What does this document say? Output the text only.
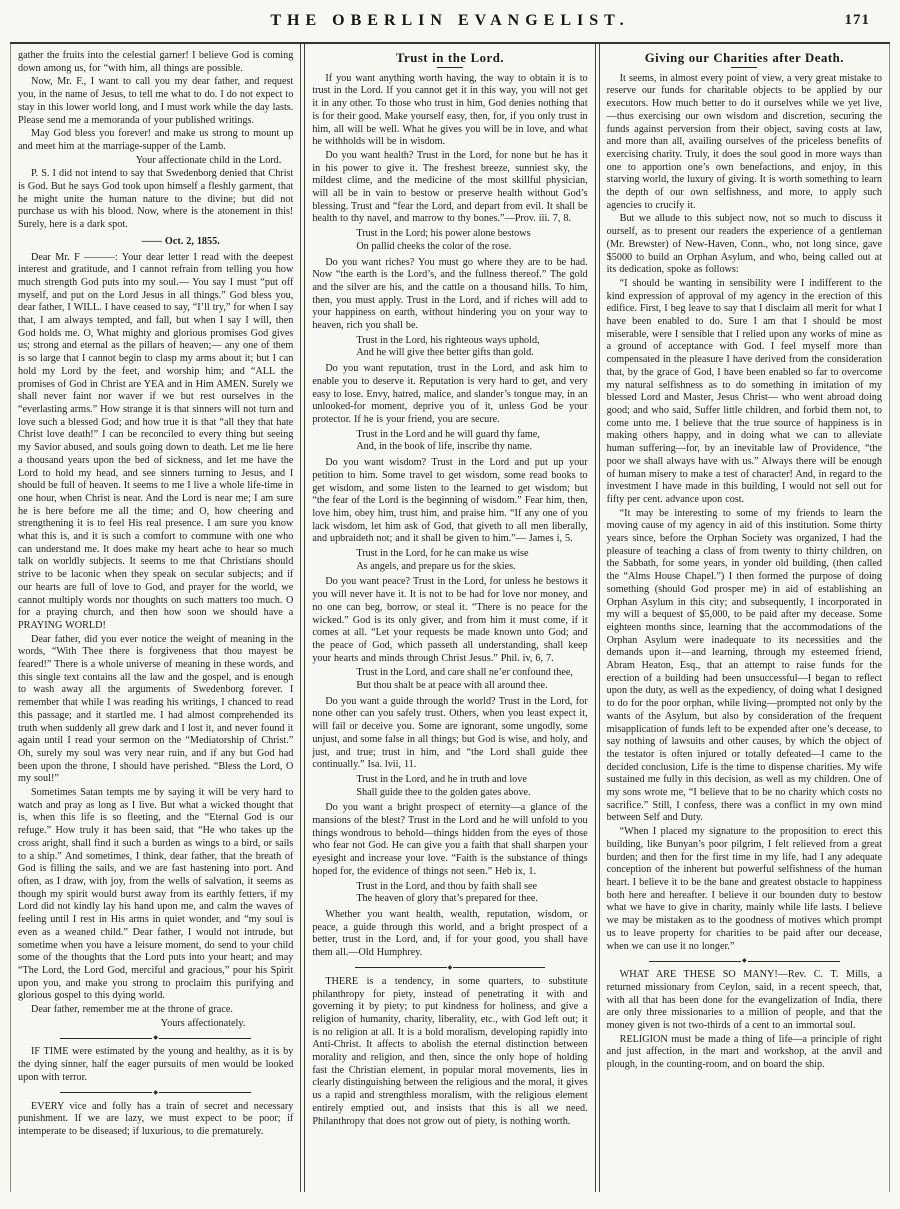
THE OBERLIN EVANGELIST.	171

gather the fruits into the celestial garner! I believe God is coming down among us, for “with him, all things are possible.

Now, Mr. F., I want to call you my dear father, and request you, in the name of Jesus, to tell me what to do. I do not expect to stay in this lower world long, and I must work while the day lasts. Please send me a memoranda of your published writings.

May God bless you forever! and make us strong to mount up and meet him at the marriage-supper of the Lamb.

Your affectionate child in the Lord.

P. S. I did not intend to say that Swedenborg denied that Christ is God. But he says God took upon himself a fleshly garment, that he might unite the human nature to the divine; but did not purchase us with his blood. Now, where is the atonement in this! Surely, here is a dark spot.

—— Oct. 2, 1855.

Dear Mr. F ———: Your dear letter I read with the deepest interest and gratitude, and I cannot refrain from telling you how much strength God puts into my soul.— You say I must “put off myself, and put on the Lord Jesus in all things.” God bless you, dear father, I WILL. I have ceased to say, “I’ll try,” for when I say that, I am always tempted, and fall, but when I say I will, then God holds me. O, What mighty and glorious promises God gives us; strong and eternal as the pillars of heaven;— any one of them is so large that I cannot begin to clasp my arms about it; but I can hold my Lord by the feet, and worship him; and “ALL the promises of God in Christ are YEA and in Him AMEN. Surely we shall never faint nor waver if we but rest ourselves in the “everlasting arms.” How strange it is that sinners will not turn and love such a blessed God; and how true it is that “all they that hate Christ love death!” I can be reconciled to every thing but seeing my Savior abused, and souls going down to death. Let me lie here a thousand years upon the bed of sickness, and let me have the Lord to hold my head, and see sinners turning to Jesus, and I should be full of heaven. It seems to me I live a whole life-time in one hour, when Christ is near. And the Lord is near me; I am sure he is here before me all the time; and O, how cheering and strengthening it is to feel His real presence. I am sure you know what this is, and it is such a comfort to commune with one who can understand me. It does make my heart ache to hear so much talk on worldly subjects. It seems to me that Christians should strive to be laconic when they speak on secular subjects; and if our hearts are full of love to God, and prayer for the world, we cannot multiply words nor thoughts on such matters too much. O for a praying church, and then how soon we should have a PRAYING WORLD!

Dear father, did you ever notice the weight of meaning in the words, “With Thee there is forgiveness that thou mayest be feared!” There is a whole universe of meaning in these words, and this single text contains all the law and the gospel, and is enough to wash away all the arguments of Swedenborg forever. I remember that while I was reading his writings, I chanced to read this passage; and it startled me. I had almost comprehended its truth when suddenly all grew dark and I lost it, and never found it again until I read your sermon on the “Mediatorship of Christ.” Oh, surely my soul was very near ruin, and if any but God had been upon the throne, I should have perished. “Bless the Lord, O my soul!”

Sometimes Satan tempts me by saying it will be very hard to watch and pray as long as I live. But what a wicked thought that is, when this life is so fleeting, and the “Eternal God is our refuge.” How truly it has been said, that “He who takes up the cross aright, shall find it such a burden as wings to a bird, or sails to a ship.” And sometimes, I think, dear father, that the breath of God is filling the sails, and we are fast hastening into port. And often, as I draw, with joy, from the wells of salvation, it seems as though my spirit would burst away from its earthly fetters, if my Lord did not kindly lay his hand upon me, and calm the waves of feeling until I rest in His arms in quiet wonder, and “my soul is even as a weaned child.” Dear father, I would not intrude, but sometime when you have a leisure moment, do send to your child some of the thoughts that the Lord puts into your heart; and may “The Lord, the Lord God, merciful and gracious,” pour his Spirit upon you, and make you strong to proclaim this purifying and glorious gospel to this dying world.

Dear father, remember me at the throne of grace.

Yours affectionately.

◆

IF TIME were estimated by the young and healthy, as it is by the dying sinner, half the eager pursuits of men would be looked upon with terror.

◆

EVERY vice and folly has a train of secret and necessary punishment. If we are lazy, we must expect to be poor; if intemperate to be diseased; if luxurious, to die prematurely.

Trust in the Lord.

If you want anything worth having, the way to obtain it is to trust in the Lord. If you cannot get it in this way, you will not get it in any other. To those who trust in him, God denies nothing that is for their good. Make yourself easy, then, for, if you only trust in him, all will be well. What he gives you will be in love, and what he withholds will be in wisdom.

Do you want health? Trust in the Lord, for none but he has it in his power to give it. The freshest breeze, sunniest sky, the mildest clime, and the medicine of the most skillful physician, will all be in vain to bestow or preserve health without God’s blessing. Trust and “fear the Lord, and depart from evil. It shall be health to thy navel, and marrow to thy bones.”—Prov. iii. 7, 8.

Trust in the Lord; his power alone bestows
On pallid cheeks the color of the rose.

Do you want riches? You must go where they are to be had. Now “the earth is the Lord’s, and the fullness thereof.” The gold and the silver are his, and the cattle on a thousand hills. To him, then, you must apply. Trust in the Lord, and if riches will add to your happiness on earth, without hindering you on your way to heaven, rich you shall be.

Trust in the Lord, his righteous ways uphold,
And he will give thee better gifts than gold.

Do you want reputation, trust in the Lord, and ask him to enable you to deserve it. Reputation is very hard to get, and very easy to lose. Envy, hatred, malice, and slander’s tongue may, in an unlooked-for moment, deprive you of it, unless God be your protector. If he is your friend, you are secure.

Trust in the Lord and he will guard thy fame,
And, in the book of life, inscribe thy name.

Do you want wisdom? Trust in the Lord and put up your petition to him. Some travel to get wisdom, some read books to get wisdom, and some listen to the learned to get wisdom; but “the fear of the Lord is the beginning of wisdom.” Fear him, then, love him, obey him, trust him, and praise him. “If any one of you lack wisdom, let him ask of God, that giveth to all men liberally, and upbraideth not; and it shall be given to him.”— James i, 5.

Trust in the Lord, for he can make us wise
As angels, and prepare us for the skies.

Do you want peace? Trust in the Lord, for unless he bestows it you will never have it. It is not to be had for love nor money, and no one can beg, borrow, or steal it. “There is no peace for the wicked.” God is its only giver, and from him it must come, if it comes at all. “Let your requests be made known unto God; and the peace of God, which passeth all understanding, shall keep your hearts and minds through Christ Jesus.” Phil. iv, 6, 7.

Trust in the Lord, and care shall ne’er confound thee,
But thou shalt be at peace with all around thee.

Do you want a guide through the world? Trust in the Lord, for none other can you safely trust. Others, when you least expect it, will fail or deceive you. Some are ignorant, some ungodly, some unjust, and some false in all things; but God is wise, and holy, and just, and true; trust in him, and “the Lord shall guide thee continually.” Isa. lvii, 11.

Trust in the Lord, and he in truth and love
Shall guide thee to the golden gates above.

Do you want a bright prospect of eternity—a glance of the mansions of the blest? Trust in the Lord and he will unfold to you things wondrous to behold—things hidden from the eyes of those who fear not God. He can give you a faith that shall sharpen your eyesight and increase your love. “Faith is the substance of things hoped for, the evidence of things not seen.” Heb ix, 1.

Trust in the Lord, and thou by faith shall see
The heaven of glory that’s prepared for thee.

Whether you want health, wealth, reputation, wisdom, or peace, a guide through this world, and a bright prospect of a better, trust in the Lord, and, if for your good, you shall have them all.—Old Humphrey.

◆

THERE is a tendency, in some quarters, to substitute philanthropy for piety, instead of penetrating it with and governing it by piety; to put kindness for holiness, and give a religion of humanity, charity, liberality, etc., with God left out; it is no religion at all. It is a bold moralism, developing rapidly into Anti-Christ. It affects to abolish the eternal distinction between morality and religion, and then, since the only hope of holding fast the Christian element, in popular moral movements, lies in clearly distinguishing between the religious and the moral, it gives us a rapid and strengthless moralism, with the religious element entirely emptied out, and insists that this is all we need. Philanthropy that does not grow out of piety, is nothing worth.

Giving our Charities after Death.

It seems, in almost every point of view, a very great mistake to reserve our funds for charitable objects to be applied by our executors. How much better to do it ourselves while we yet live,—thus exercising our own wisdom and discretion, securing the funds against perversion from their object, saving costs at law, and more than all, availing ourselves of the priceless benefits of exercising charity. Truly, it does the soul good in more ways than one to apportion one’s own benefactions, and enjoy, in this starving world, the luxury of giving. It is worth something to learn the depth of our own selfishness, and more, to apply such agencies to crucify it.

But we allude to this subject now, not so much to discuss it ourself, as to present our readers the experience of a gentleman (Mr. Brewster) of New-Haven, Conn., who, not long since, gave $5000 to build an Orphan Asylum, and who, being called out at its dedication, spoke as follows:

“I should be wanting in sensibility were I indifferent to the kind expression of approval of my agency in the erection of this edifice. First, I beg leave to say that I disclaim all merit for what I have been enabled to do. Sure I am that I should be most miserable, were I sensible that I relied upon any works of mine as a ground of acceptance with God. I feel myself more than compensated in the pleasure I have derived from the consideration that, by the grace of God, I have been enabled so far to overcome my natural selfishness as to do something in imitation of my blessed Lord and Master, Jesus Christ— who went abroad doing good; and who said, Suffer little children, and forbid them not, to come unto me. I believe that the true source of happiness is in making others happy, and in doing what we can to alleviate human suffering—for, by an inevitable law of Providence, “the poor we shall always have with us.” Always there will be enough of human misery to make a test of character! And, in regard to the investment I have made in this building, I would not sell out for fifty per cent. advance upon cost.

“It may be interesting to some of my friends to learn the moving cause of my agency in aid of this institution. Some thirty years since, before the Orphan Society was organized, I had the pleasure of teaching a class of from twenty to thirty children, on the Sabbath, for some years, in yonder old building, (then called the “Alms House Chapel.”) I then formed the purpose of doing something (should God prosper me) in aid of establishing an Orphan Asylum in this city; and subsequently, I incorporated in my will a bequest of $5,000, to be paid after my decease. Some eighteen months since, learning that the accommodations of the Orphan Asylum were inadequate to its necessities and the demands upon it—and learning, through my esteemed friend, Abram Heaton, Esq., that an attempt to raise funds for the erection of a building had been unsuccessful—I began to reflect upon the duty, as well as the expediency, of doing what I designed to do for the poor orphan, while living—prompted not only by the wants of the Asylum, but also by consideration of the frequent misapplication of funds left to be expended after one’s decease, to say nothing of lawsuits and other causes, by which the object of the testator is often injured or totally defeated—I came to the decided conclusion, Life is the time to dispense charities. My wife sustained me fully in this decision, as well as my children. One of my sons wrote me, “I believe that to be no charity which costs no sacrifice.” Still, I confess, there was a conflict in my own mind between Self and Duty.

“When I placed my signature to the proposition to erect this building, like Bunyan’s poor pilgrim, I felt relieved from a great burden; and then for the first time in my life, had I any adequate conception of the inherent but powerful selfishness of the human heart. I believe it to be the bane and greatest obstacle to happiness both here and hereafter. I believe it our bounden duty to bestow what we have to give in charity, mainly while life lasts. I believe we may be mistaken as to the goodness of motives which prompt us to leave property for charities to be paid after our decease, when we can use it no longer.”

◆

WHAT ARE THESE SO MANY!—Rev. C. T. Mills, a returned missionary from Ceylon, said, in a recent speech, that, with all that has been done for the evangelization of India, there are only three missionaries to a million of people, and that the money given is not two-thirds of a cent to an immortal soul.

RELIGION must be made a thing of life—a principle of right and just affection, in the mart and workshop, at the anvil and plough, in the counting-room, and on board the ship.
